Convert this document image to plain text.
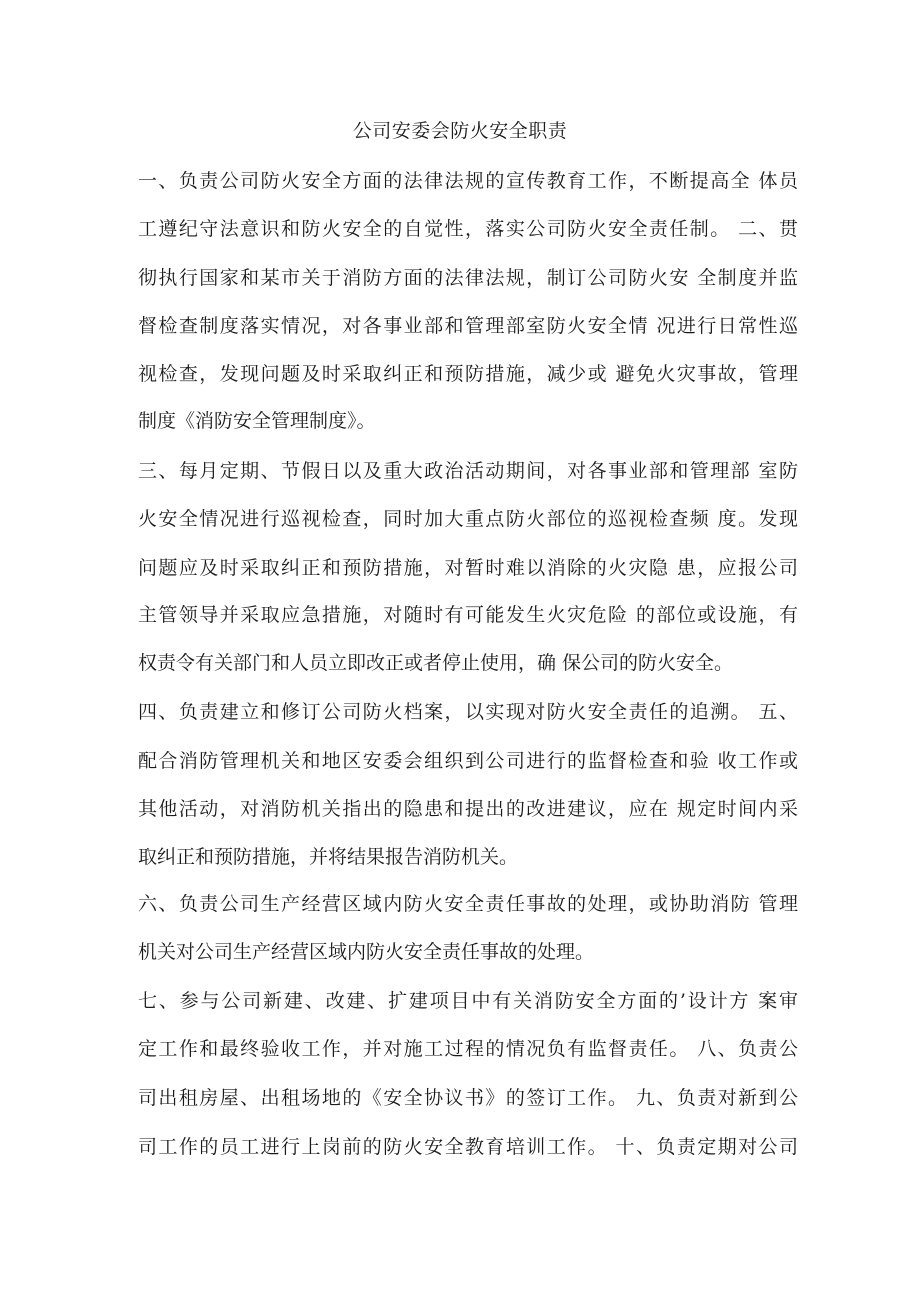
公司安委会防火安全职责
一、负责公司防火安全方面的法律法规的宣传教育工作，不断提高全 体员
工遵纪守法意识和防火安全的自觉性，落实公司防火安全责任制。 二、贯
彻执行国家和某市关于消防方面的法律法规，制订公司防火安 全制度并监
督检查制度落实情况，对各事业部和管理部室防火安全情 况进行日常性巡
视检查，发现问题及时采取纠正和预防措施，减少或 避免火灾事故，管理
制度《消防安全管理制度》。
三、每月定期、节假日以及重大政治活动期间，对各事业部和管理部 室防
火安全情况进行巡视检查，同时加大重点防火部位的巡视检查频 度。发现
问题应及时采取纠正和预防措施，对暂时难以消除的火灾隐 患，应报公司
主管领导并采取应急措施，对随时有可能发生火灾危险 的部位或设施，有
权责令有关部门和人员立即改正或者停止使用，确 保公司的防火安全。
四、负责建立和修订公司防火档案，以实现对防火安全责任的追溯。 五、
配合消防管理机关和地区安委会组织到公司进行的监督检查和验 收工作或
其他活动，对消防机关指出的隐患和提出的改进建议，应在 规定时间内采
取纠正和预防措施，并将结果报告消防机关。
六、负责公司生产经营区域内防火安全责任事故的处理，或协助消防 管理
机关对公司生产经营区域内防火安全责任事故的处理。
七、参与公司新建、改建、扩建项目中有关消防安全方面的’设计方 案审
定工作和最终验收工作，并对施工过程的情况负有监督责任。 八、负责公
司出租房屋、出租场地的《安全协议书》的签订工作。 九、负责对新到公
司工作的员工进行上岗前的防火安全教育培训工作。 十、负责定期对公司
